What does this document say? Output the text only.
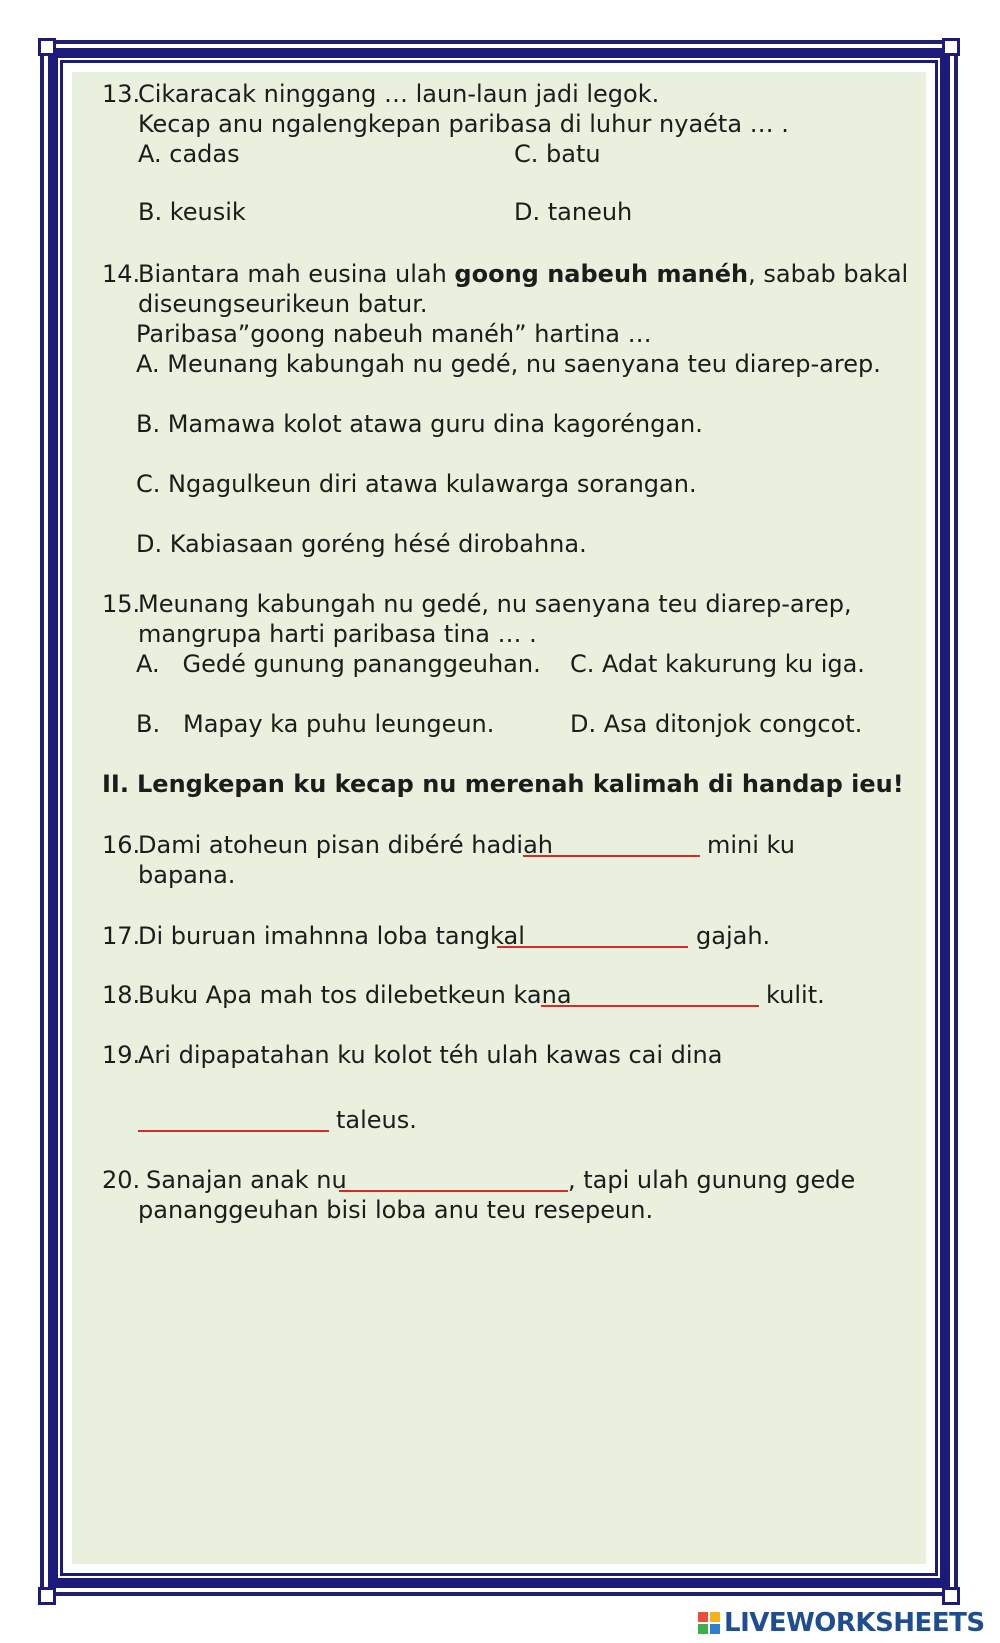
13.
Cikaracak ninggang … laun-laun jadi legok.
Kecap anu ngalengkepan paribasa di luhur nyaéta … .
A. cadas	C. batu
B. keusik	D. taneuh
14.
Biantara mah eusina ulah goong nabeuh manéh, sabab bakal
diseungseurikeun batur.
Paribasa”goong nabeuh manéh” hartina …
A. Meunang kabungah nu gedé, nu saenyana teu diarep-arep.
B. Mamawa kolot atawa guru dina kagoréngan.
C. Ngagulkeun diri atawa kulawarga sorangan.
D. Kabiasaan goréng hésé dirobahna.
15.
Meunang kabungah nu gedé, nu saenyana teu diarep-arep,
mangrupa harti paribasa tina … .
A.   Gedé gunung pananggeuhan. C. Adat kakurung ku iga.
B.   Mapay ka puhu leungeun.	D. Asa ditonjok congcot.
II. Lengkepan ku kecap nu merenah kalimah di handap ieu!
16.
Dami atoheun pisan dibéré hadiah	mini ku
bapana.
17.
Di buruan imahnna loba tangkal	gajah.
18.
Buku Apa mah tos dilebetkeun kana	kulit.
19.
Ari dipapatahan ku kolot téh ulah kawas cai dina
taleus.
20. Sanajan anak nu	, tapi ulah gunung gede
pananggeuhan bisi loba anu teu resepeun.
LIVEWORKSHEETS
